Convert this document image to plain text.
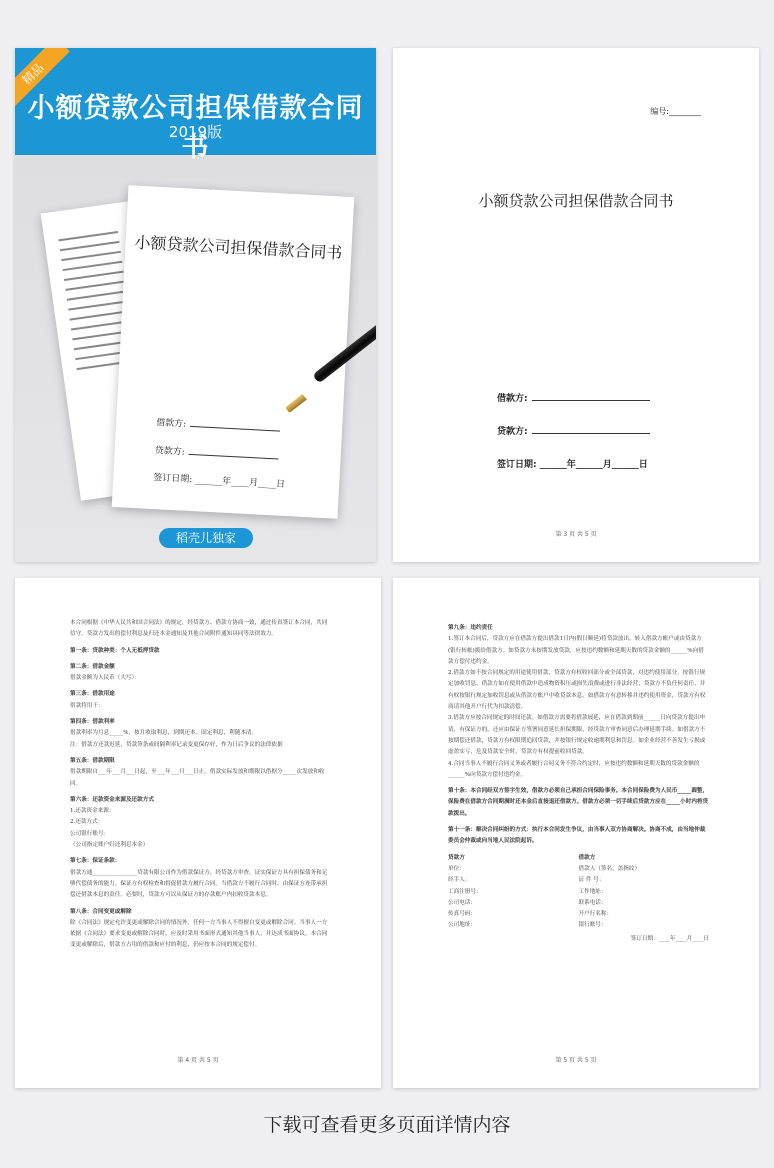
小额贷款公司担保借款合同书
2019版
精品
小额贷款公司担保借款合同书
借款方:
贷款方:
签订日期: ______年____月____日
稻壳儿独家
编号:________
小额贷款公司担保借款合同书
借款方:
贷款方:
签订日期: ______年______月______日
第 3 页 共 5 页

本合同根据《中华人民共和国合同法》的规定，经贷款方、借款方协商一致，通过传真签订本合同，共同信守。贷款方发出的偿付利息及归还本金通知及其他合同附件通知具同等法律效力。

第一条：贷款种类：个人无抵押贷款

第二条：借款金额

借款金额为人民币（大写）：

第三条：借款用途

借款将用于：

第四条：借款利率

借款利率为月息_____%，按月收取利息，到期还本。固定利息，利随本清。

注：借款方还款迟延，贷款签条或间隔利率记录变更保存好，作为日后争议的法律依据

第五条：借款期限

借款期限自___年___月___日起，至___年___月___日止。借款实际发放和期限以借据分_____次发放和收回。

第六条：还款资金来源及还款方式

1.还款资金来源：

2.还款方式：

公司银行账号：

（公司指定账户归还利息本金）

第七条：保证条款：

借款方通________________贷款有限公司作为借款保证方，经贷款方审查，证实保证方具有担保债务和足够代偿债务的能力。保证方有权检查和督促借款方履行合同。当借款方不履行合同时，由保证方连带承担偿还借款本息的责任。必要时，贷款方可以从保证方的存款账户内扣收贷款本息。

第八条：合同变更或解除

除《合同法》规定允许变更或解除合同的情况外，任何一方当事人不得擅自变更或解除合同。当事人一方依据《合同法》要求变更或解除合同时，应及时采用书面形式通知其他当事人，并达成书面协议。本合同变更或解除后，借款方占用的借款和应付的利息，仍应按本合同的规定偿付。

第 4 页 共 5 页

第九条：违约责任

1.签订本合同后，贷款方应在借款方提出借款1日内(假日顺延)将贷款放出，转入借款方帐户或由贷款方(银行转帐)拨给借款方。如贷款方未按期发放贷款，应按违约数额和延期天数的贷款金额的______%向借款方偿付违约金。

2.借款方如不按合同规定的用途使用借款，贷款方有权收回部分或全部贷款，对违约使用部分，按银行规定加收罚息。借款方如在使用借款中造成物资积压或损失浪费或进行非法经营，贷款方不负任何责任，并有权按银行规定加收罚息或从借款方账户中收贷款本息。如借款方有意转移并违约使用资金，贷款方有权商请其他开户行代为扣款清偿。

3.借款方应按合同规定的时间还款。如借款方需要将借款展延，应在借款到期前______日向贷款方提出申请，有保证方的，还应由保证方签署同意延长担保期限，经贷款方审查同意后办理延期手续。如借款方不按期偿还借款，贷款方有权限期追回贷款，并按银行规定收逾期利息和罚息。如企业经营不善发生亏损或虚盈实亏，危及贷款安全时，贷款方有权提前收回贷款。

4.合同当事人不履行合同义务或者履行合同义务不符合约定时，应按违约数额和延期天数的贷款金额的______%向贷款方偿付违约金。

第十条：本合同经双方签字生效，借款方必须自己承担合同保险事务。本合同保险费为人民币_____圆整，保险费在借款方合同期满时还本金后直接退还借款方。借款方必须一切手续后贷款方应在_____小时内将贷款拨出。

第十一条：解决合同纠纷的方式：执行本合同发生争议，由当事人双方协商解决。协商不成，由当地仲裁委员会仲裁或向当地人民法院起诉。

贷款方	借款方
单位：	借款人（签名，盖指纹）
经手人：	证 件 号：
工商注册号：	工作地址：
公司电话：	联系电话：
传真号码：	开户行名称：
公司地址：	银行账号：
签订日期：____年____月____日
第 5 页 共 5 页
下载可查看更多页面详情内容
